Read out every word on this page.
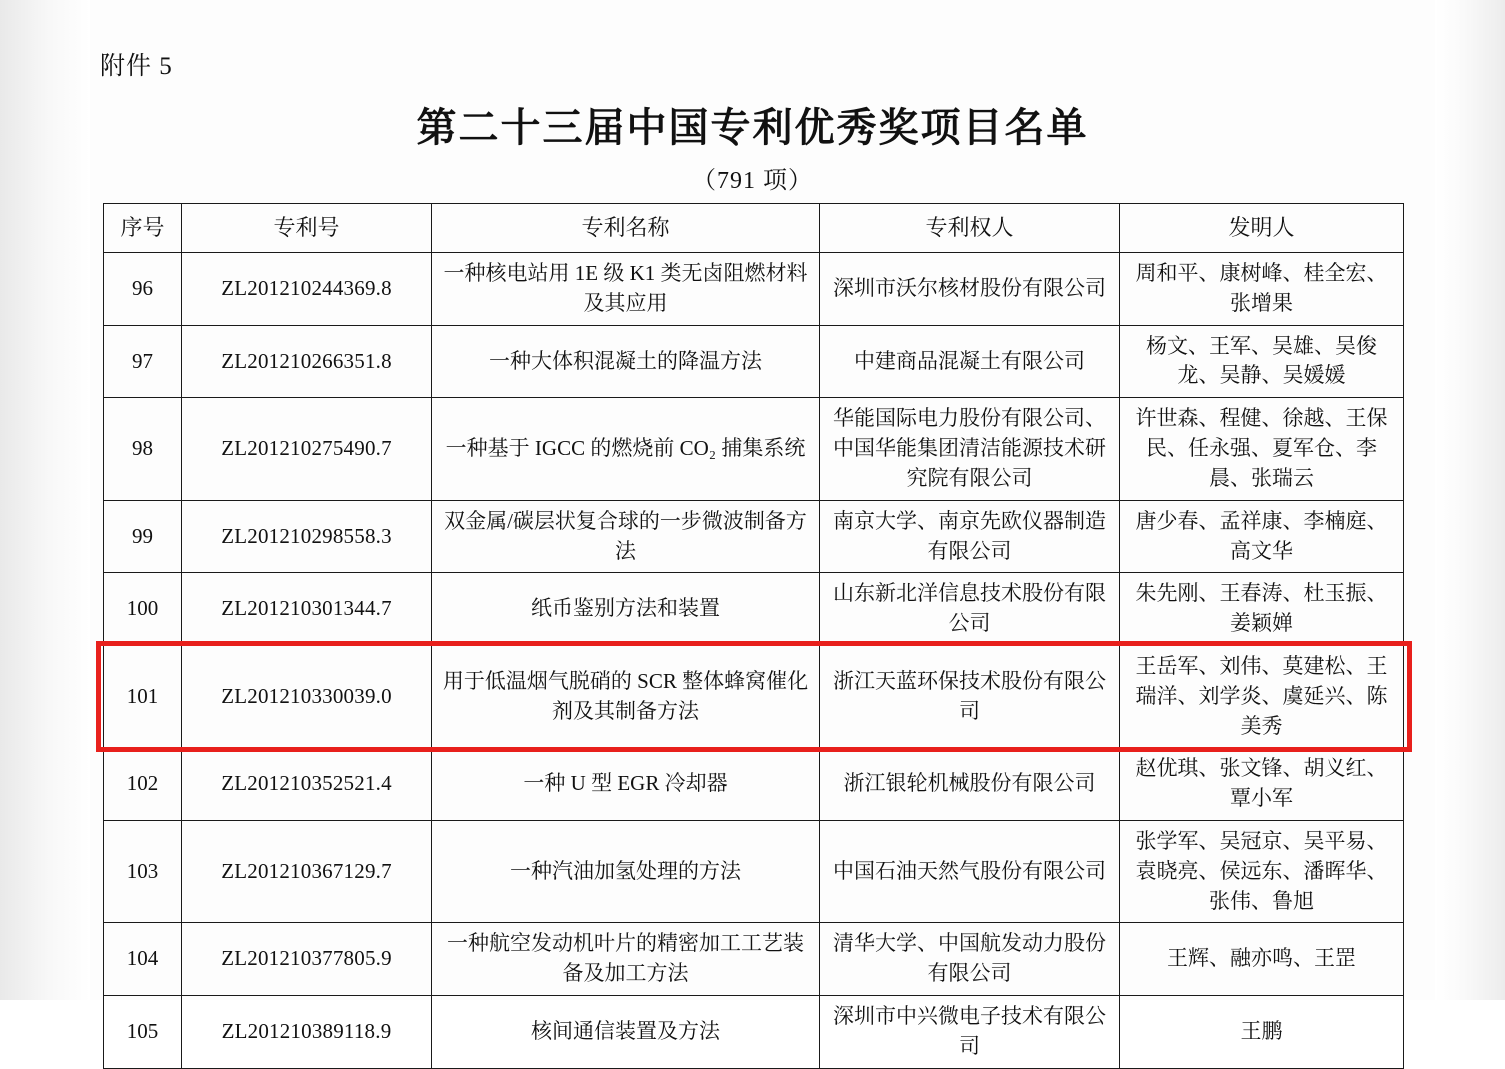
附件 5
第二十三届中国专利优秀奖项目名单
（791 项）
序号	专利号	专利名称	专利权人	发明人
96	ZL201210244369.8	一种核电站用 1E 级 K1 类无卤阻燃材料及其应用	深圳市沃尔核材股份有限公司	周和平、康树峰、桂全宏、张增果
97	ZL201210266351.8	一种大体积混凝土的降温方法	中建商品混凝土有限公司	杨文、王军、吴雄、吴俊龙、吴静、吴媛媛
98	ZL201210275490.7	一种基于 IGCC 的燃烧前 CO₂ 捕集系统	华能国际电力股份有限公司、中国华能集团清洁能源技术研究院有限公司	许世森、程健、徐越、王保民、任永强、夏军仓、李晨、张瑞云
99	ZL201210298558.3	双金属/碳层状复合球的一步微波制备方法	南京大学、南京先欧仪器制造有限公司	唐少春、孟祥康、李楠庭、高文华
100	ZL201210301344.7	纸币鉴别方法和装置	山东新北洋信息技术股份有限公司	朱先刚、王春涛、杜玉振、姜颖婵
101	ZL201210330039.0	用于低温烟气脱硝的 SCR 整体蜂窝催化剂及其制备方法	浙江天蓝环保技术股份有限公司	王岳军、刘伟、莫建松、王瑞洋、刘学炎、虞延兴、陈美秀
102	ZL201210352521.4	一种 U 型 EGR 冷却器	浙江银轮机械股份有限公司	赵优琪、张文锋、胡义红、覃小军
103	ZL201210367129.7	一种汽油加氢处理的方法	中国石油天然气股份有限公司	张学军、吴冠京、吴平易、袁晓亮、侯远东、潘晖华、张伟、鲁旭
104	ZL201210377805.9	一种航空发动机叶片的精密加工工艺装备及加工方法	清华大学、中国航发动力股份有限公司	王辉、融亦鸣、王罡
105	ZL201210389118.9	核间通信装置及方法	深圳市中兴微电子技术有限公司	王鹏
